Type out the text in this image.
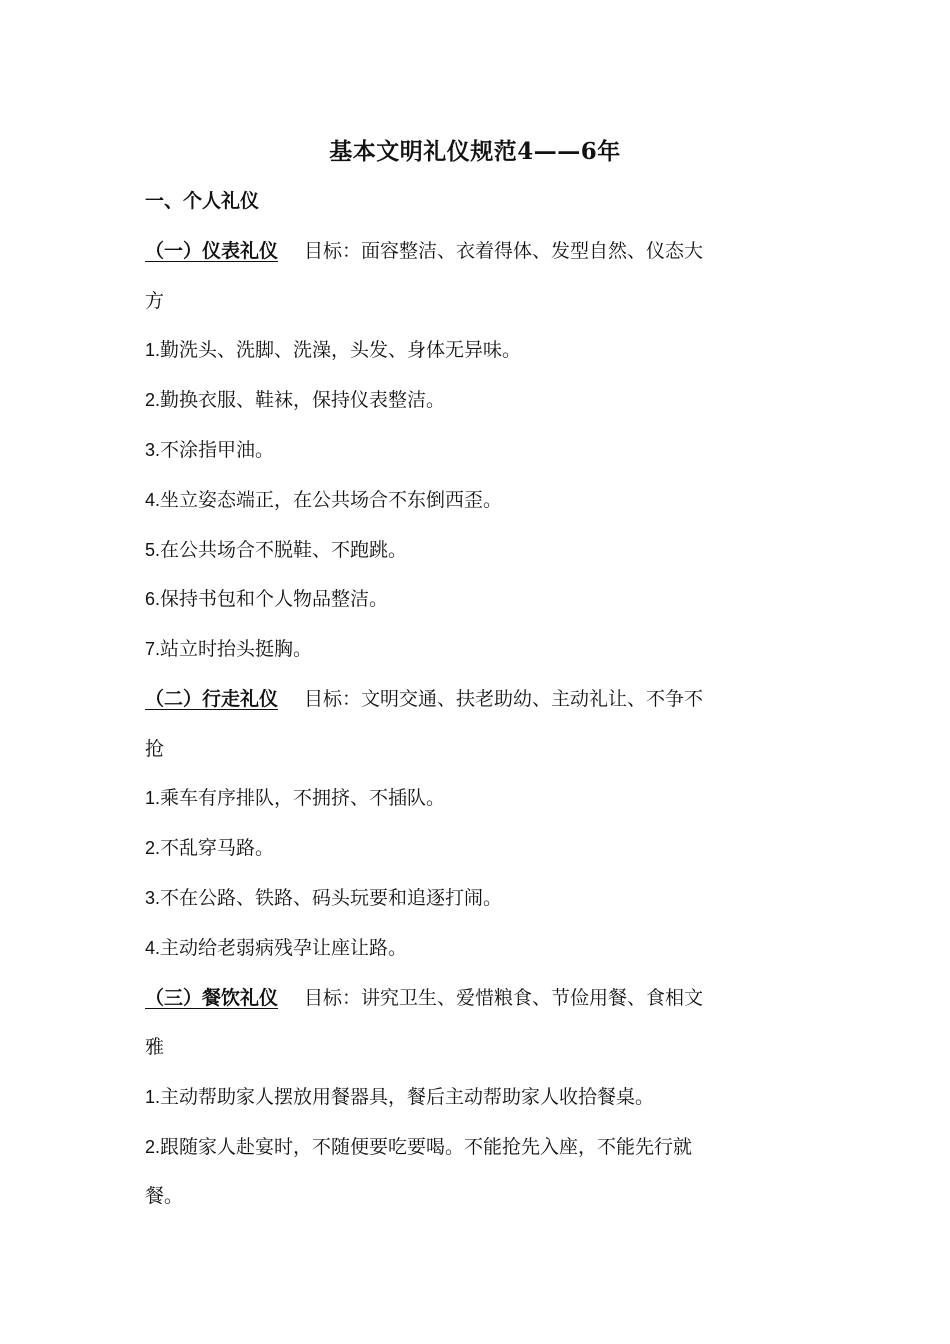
基本文明礼仪规范4——6年
一、个人礼仪
（一）仪表礼仪 目标：面容整洁、衣着得体、发型自然、仪态大
方
1.勤洗头、洗脚、洗澡，头发、身体无异味。
2.勤换衣服、鞋袜，保持仪表整洁。
3.不涂指甲油。
4.坐立姿态端正，在公共场合不东倒西歪。
5.在公共场合不脱鞋、不跑跳。
6.保持书包和个人物品整洁。
7.站立时抬头挺胸。
（二）行走礼仪 目标：文明交通、扶老助幼、主动礼让、不争不
抢
1.乘车有序排队，不拥挤、不插队。
2.不乱穿马路。
3.不在公路、铁路、码头玩要和追逐打闹。
4.主动给老弱病残孕让座让路。
（三）餐饮礼仪 目标：讲究卫生、爱惜粮食、节俭用餐、食相文
雅
1.主动帮助家人摆放用餐器具，餐后主动帮助家人收拾餐桌。
2.跟随家人赴宴时，不随便要吃要喝。不能抢先入座，不能先行就
餐。
